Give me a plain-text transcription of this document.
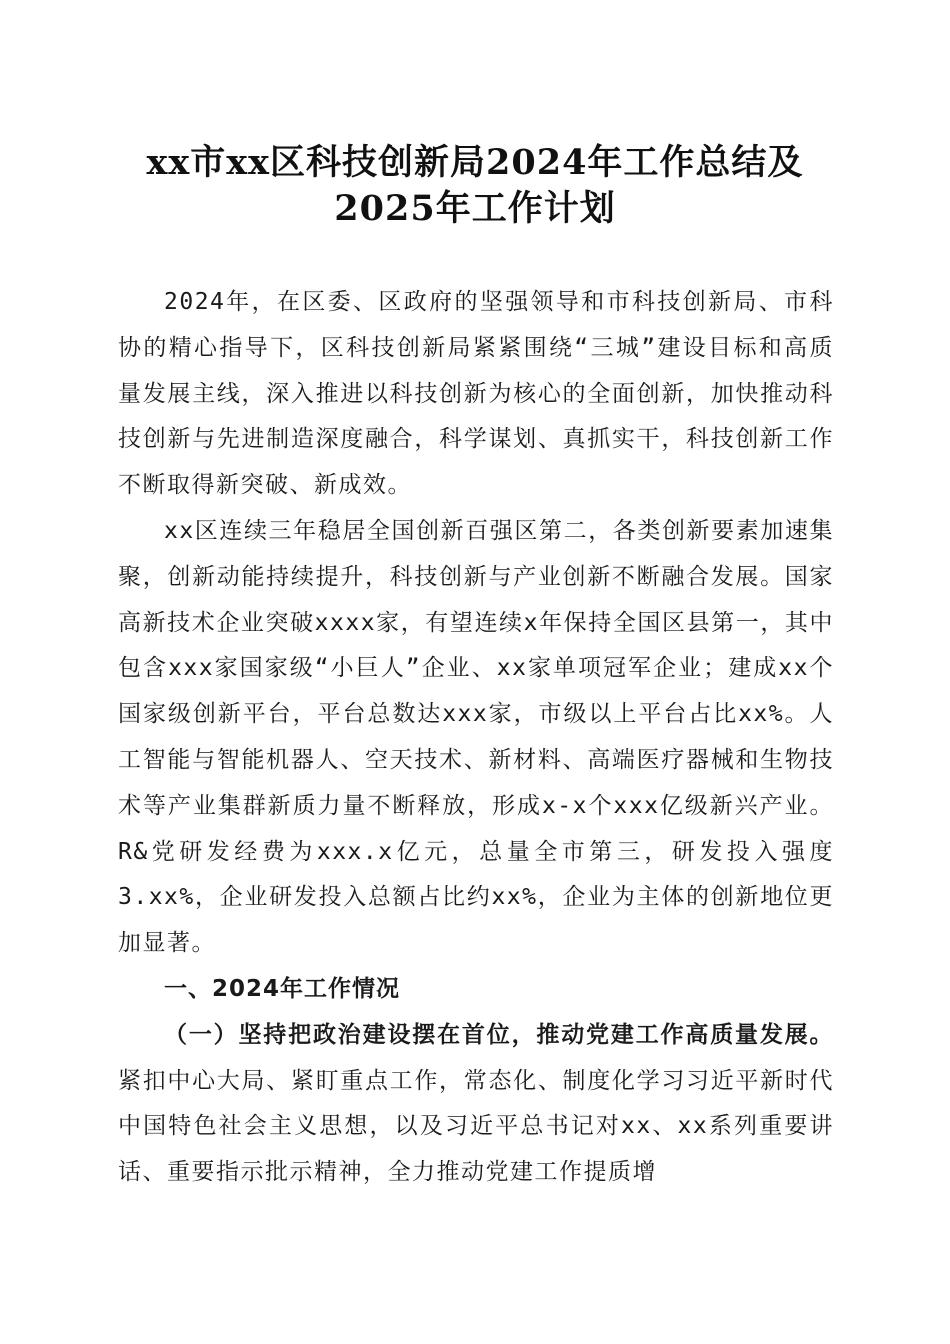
xx市xx区科技创新局2024年工作总结及
2025年工作计划

2024年，在区委、区政府的坚强领导和市科技创新局、市科协的精心指导下，区科技创新局紧紧围绕“三城”建设目标和高质量发展主线，深入推进以科技创新为核心的全面创新，加快推动科技创新与先进制造深度融合，科学谋划、真抓实干，科技创新工作不断取得新突破、新成效。

xx区连续三年稳居全国创新百强区第二，各类创新要素加速集聚，创新动能持续提升，科技创新与产业创新不断融合发展。国家高新技术企业突破xxxx家，有望连续x年保持全国区县第一，其中包含xxx家国家级“小巨人”企业、xx家单项冠军企业；建成xx个国家级创新平台，平台总数达xxx家，市级以上平台占比xx%。人工智能与智能机器人、空天技术、新材料、高端医疗器械和生物技术等产业集群新质力量不断释放，形成x-x个xxx亿级新兴产业。R&党研发经费为xxx.x亿元，总量全市第三，研发投入强度3.xx%，企业研发投入总额占比约xx%，企业为主体的创新地位更加显著。

一、2024年工作情况

（一）坚持把政治建设摆在首位，推动党建工作高质量发展。紧扣中心大局、紧盯重点工作，常态化、制度化学习习近平新时代中国特色社会主义思想，以及习近平总书记对xx、xx系列重要讲话、重要指示批示精神，全力推动党建工作提质增
